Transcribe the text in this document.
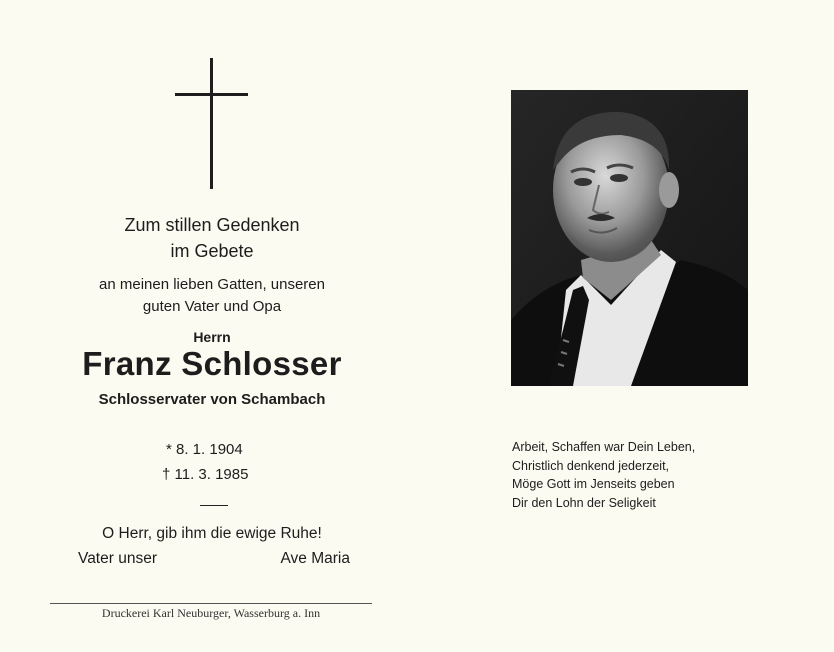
Zum stillen Gedenken
im Gebete
an meinen lieben Gatten, unseren
guten Vater und Opa
Herrn
Franz Schlosser
Schlosservater von Schambach
* 8. 1. 1904
† 11. 3. 1985
O Herr, gib ihm die ewige Ruhe!
Vater unser	Ave Maria
Druckerei Karl Neuburger, Wasserburg a. Inn
Arbeit, Schaffen war Dein Leben,
Christlich denkend jederzeit,
Möge Gott im Jenseits geben
Dir den Lohn der Seligkeit
